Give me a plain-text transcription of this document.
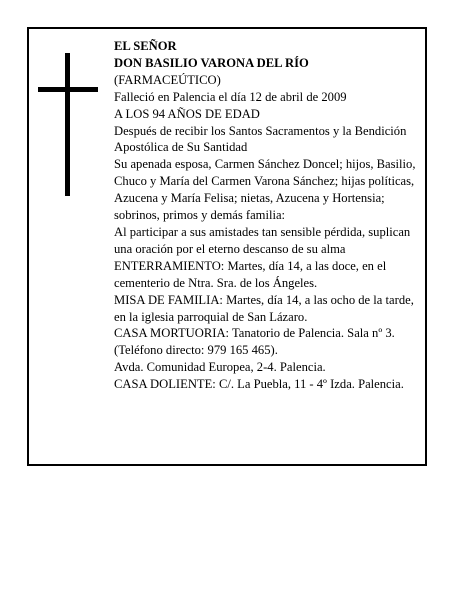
EL SEÑOR

DON BASILIO VARONA DEL RÍO

(FARMACEÚTICO)

Falleció en Palencia el día 12 de abril de 2009

A LOS 94 AÑOS DE EDAD

Después de recibir los Santos Sacramentos y la Bendición Apostólica de Su Santidad

Su apenada esposa, Carmen Sánchez Doncel; hijos, Basilio, Chuco y María del Carmen Varona Sánchez; hijas políticas, Azucena y María Felisa; nietas, Azucena y Hortensia; sobrinos, primos y demás familia:

Al participar a sus amistades tan sensible pérdida, suplican una oración por el eterno descanso de su alma

ENTERRAMIENTO: Martes, día 14, a las doce, en el cementerio de Ntra. Sra. de los Ángeles.

MISA DE FAMILIA: Martes, día 14, a las ocho de la tarde, en la iglesia parroquial de San Lázaro.

CASA MORTUORIA: Tanatorio de Palencia. Sala nº 3. (Teléfono directo: 979 165 465).

Avda. Comunidad Europea, 2-4. Palencia.

CASA DOLIENTE: C/. La Puebla, 11 - 4º Izda. Palencia.
